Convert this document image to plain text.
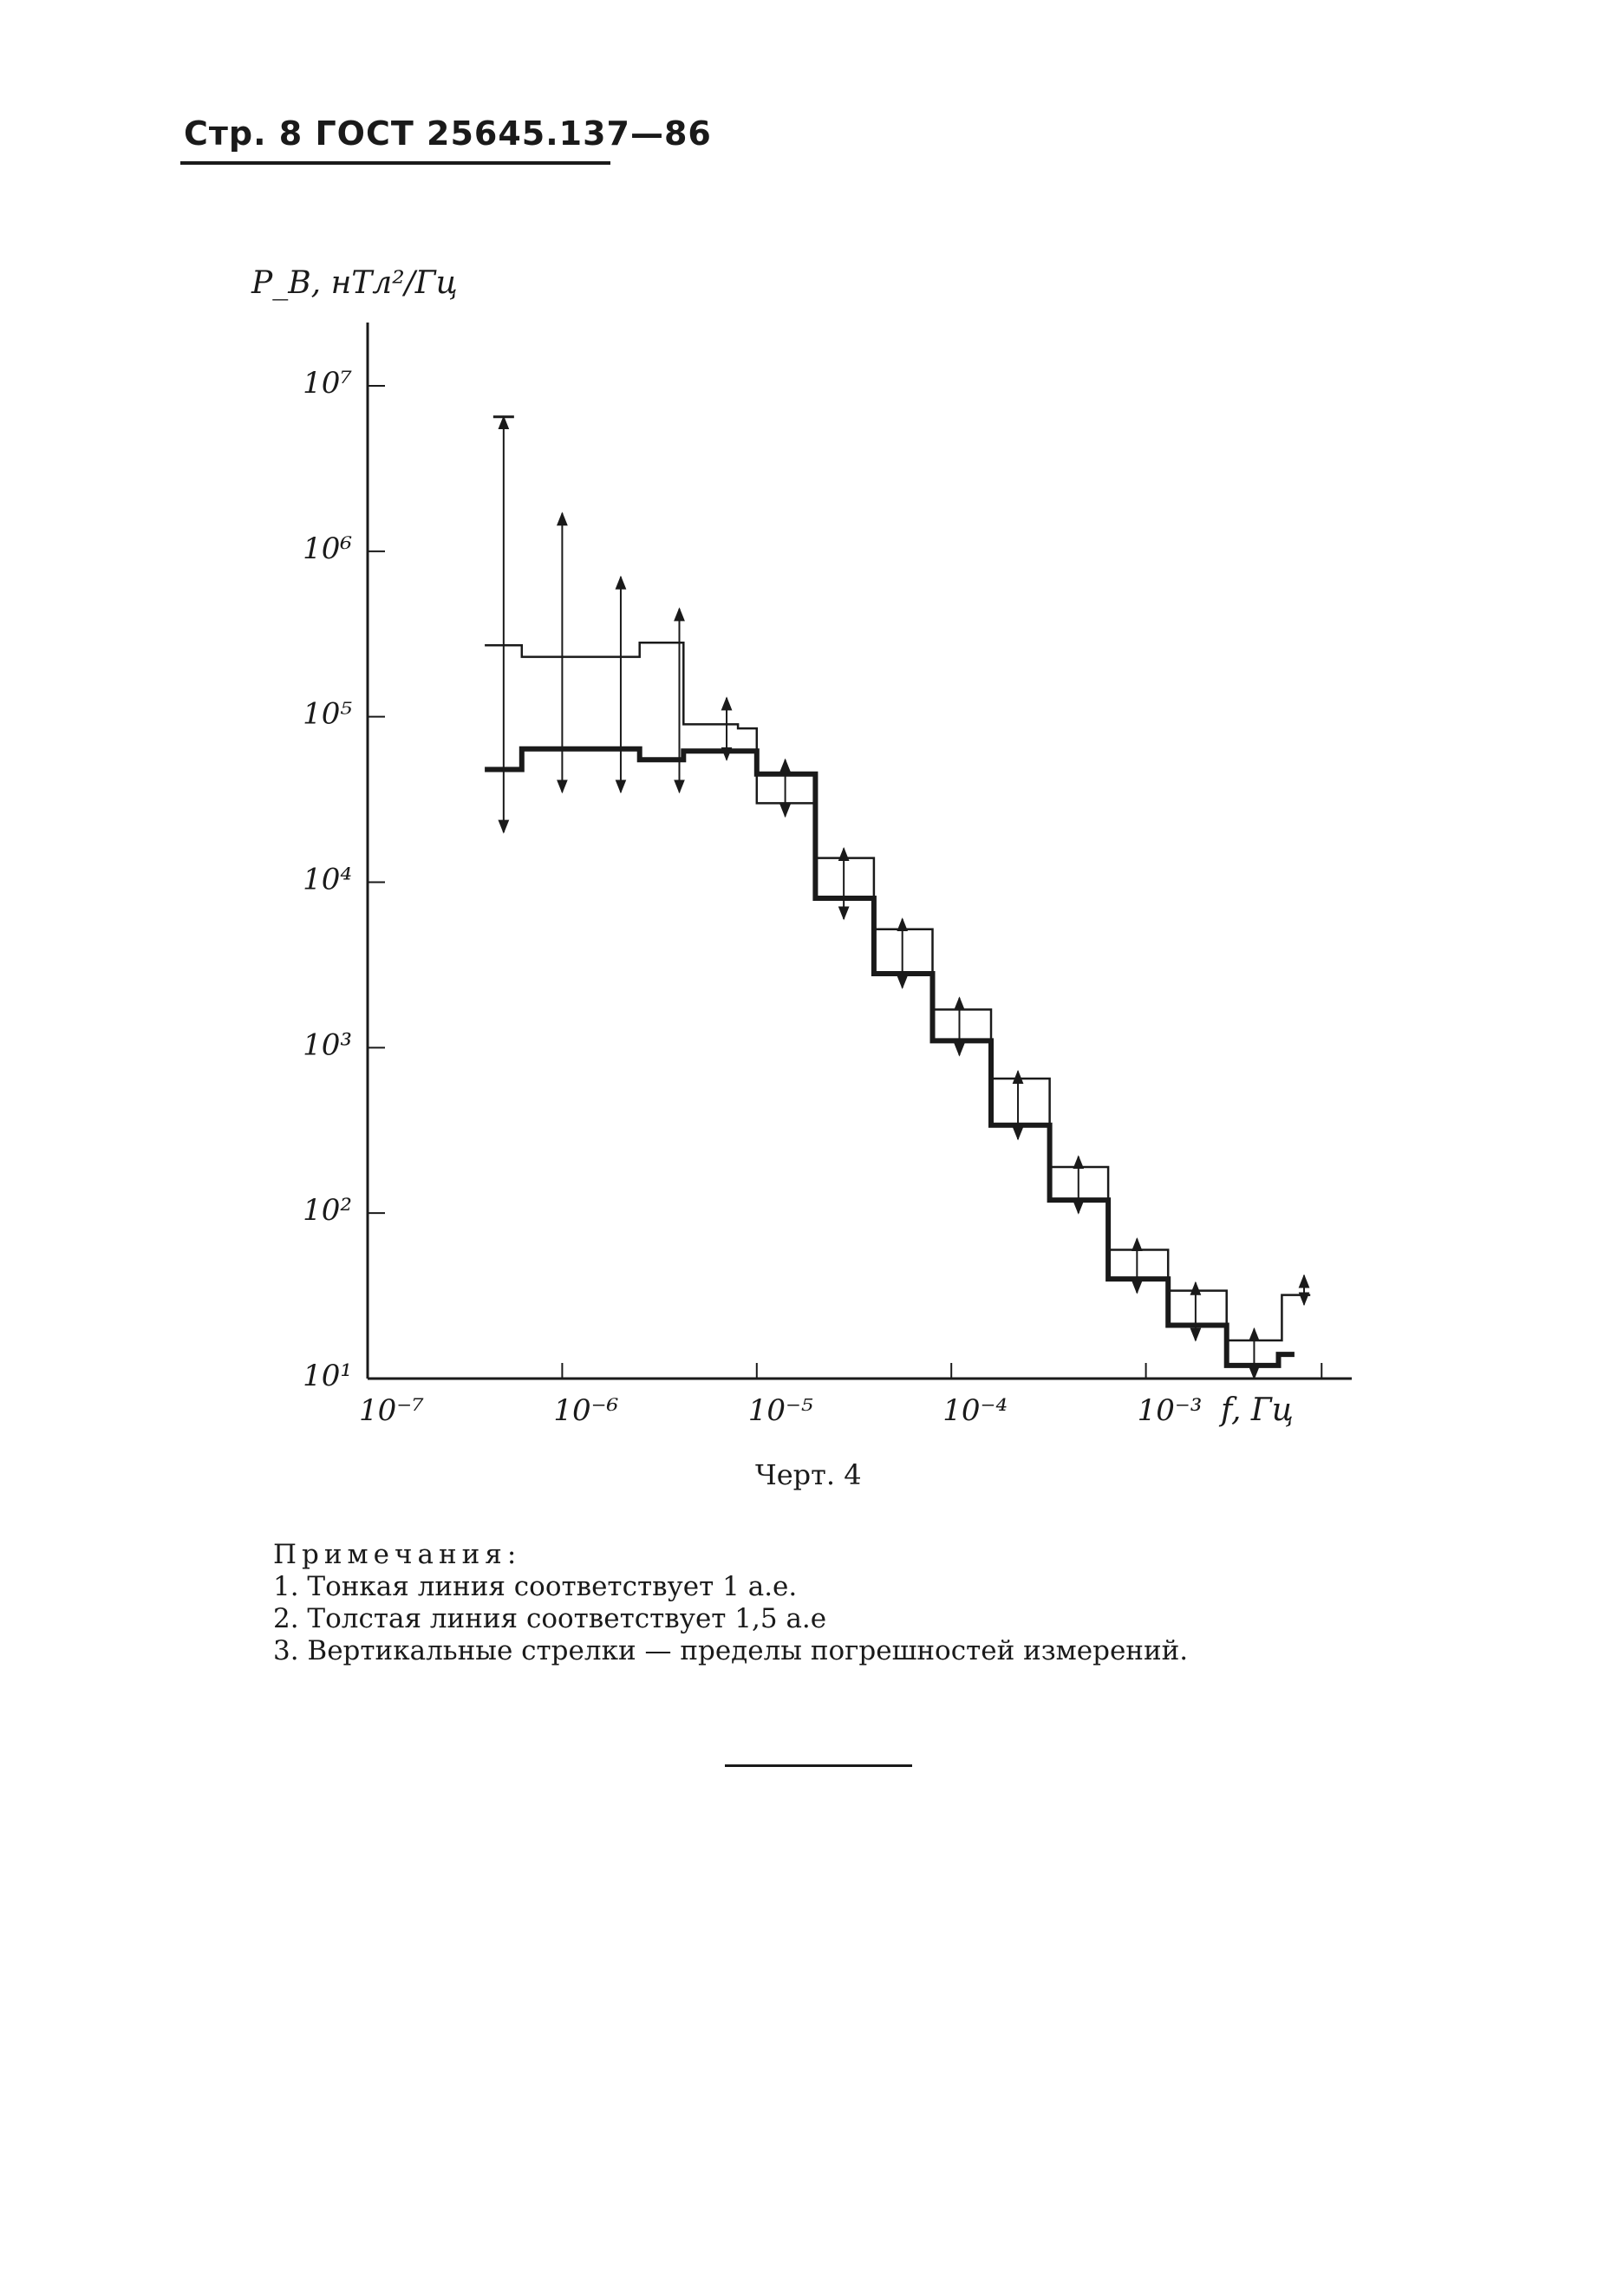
Стр. 8 ГОСТ 25645.137—86
10⁻⁷	10⁻⁶	10⁻⁵	10⁻⁴	10⁻³
10⁷
10⁶
10⁵
10⁴
10³
10²
10¹
P_B, нТл²/Гц
f, Гц
Черт. 4
Примечания:
1. Тонкая линия соответствует 1 а.е.
2. Толстая линия соответствует 1,5 а.е
3. Вертикальные стрелки — пределы погрешностей измерений.
